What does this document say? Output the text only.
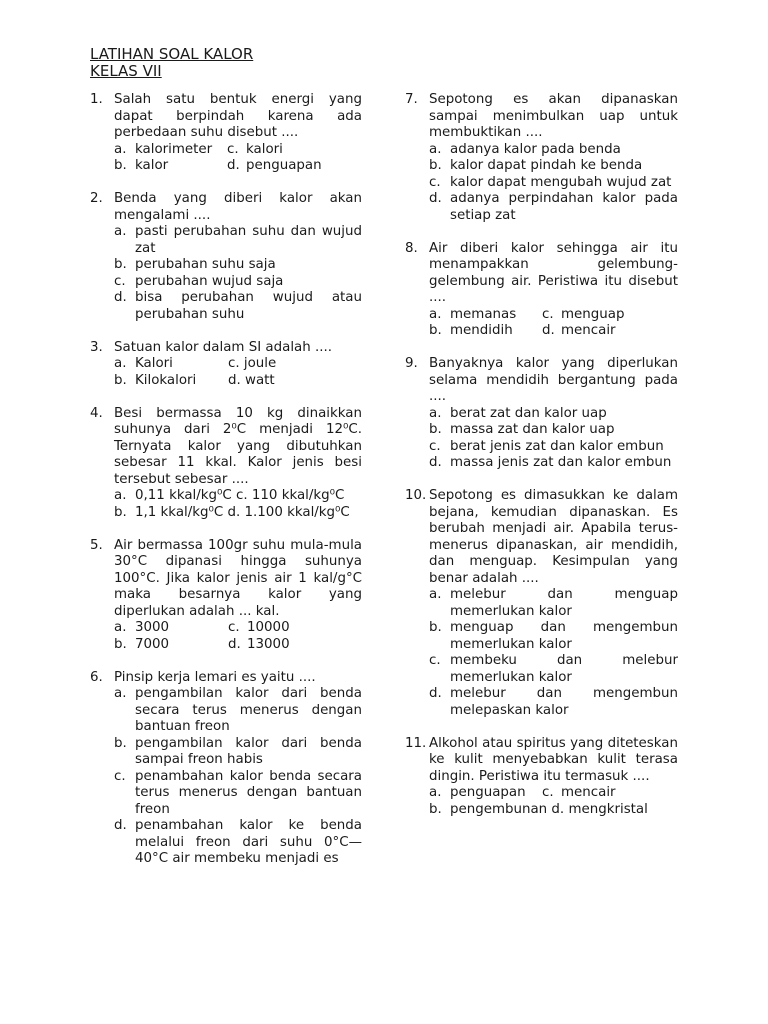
LATIHAN SOAL KALOR
KELAS VII
1. Salah satu bentuk energi yang dapat berpindah karena ada perbedaan suhu disebut ....
a. kalorimeter	c. kalori
b. kalor	d. penguapan
2. Benda yang diberi kalor akan mengalami ....
a. pasti perubahan suhu dan wujud zat
b. perubahan suhu saja
c. perubahan wujud saja
d. bisa perubahan wujud atau perubahan suhu
3. Satuan kalor dalam SI adalah ....
a. Kalori	c. joule
b. Kilokalori	d. watt
4. Besi bermassa 10 kg dinaikkan suhunya dari 2⁰C menjadi 12⁰C. Ternyata kalor yang dibutuhkan sebesar 11 kkal. Kalor jenis besi tersebut sebesar ....
a. 0,11 kkal/kg⁰C c. 110 kkal/kg⁰C
b. 1,1 kkal/kg⁰C d. 1.100 kkal/kg⁰C
5. Air bermassa 100gr suhu mula-mula 30°C dipanasi hingga suhunya 100°C. Jika kalor jenis air 1 kal/g°C maka besarnya kalor yang diperlukan adalah ... kal.
a. 3000	c. 10000
b. 7000	d. 13000
6. Pinsip kerja lemari es yaitu ....
a. pengambilan kalor dari benda secara terus menerus dengan bantuan freon
b. pengambilan kalor dari benda sampai freon habis
c. penambahan kalor benda secara terus menerus dengan bantuan freon
d. penambahan kalor ke benda melalui freon dari suhu 0°C—40°C air membeku menjadi es
7. Sepotong es akan dipanaskan sampai menimbulkan uap untuk membuktikan ....
a. adanya kalor pada benda
b. kalor dapat pindah ke benda
c. kalor dapat mengubah wujud zat
d. adanya perpindahan kalor pada setiap zat
8. Air diberi kalor sehingga air itu menampakkan gelembung-gelembung air. Peristiwa itu disebut ....
a. memanas	c. menguap
b. mendidih	d. mencair
9. Banyaknya kalor yang diperlukan selama mendidih bergantung pada ....
a. berat zat dan kalor uap
b. massa zat dan kalor uap
c. berat jenis zat dan kalor embun
d. massa jenis zat dan kalor embun
10. Sepotong es dimasukkan ke dalam bejana, kemudian dipanaskan. Es berubah menjadi air. Apabila terus-menerus dipanaskan, air mendidih, dan menguap. Kesimpulan yang benar adalah ....
a. melebur dan menguap memerlukan kalor
b. menguap dan mengembun memerlukan kalor
c. membeku dan melebur memerlukan kalor
d. melebur dan mengembun melepaskan kalor
11. Alkohol atau spiritus yang diteteskan ke kulit menyebabkan kulit terasa dingin. Peristiwa itu termasuk ....
a. penguapan	c. mencair
b. pengembunan d. mengkristal
